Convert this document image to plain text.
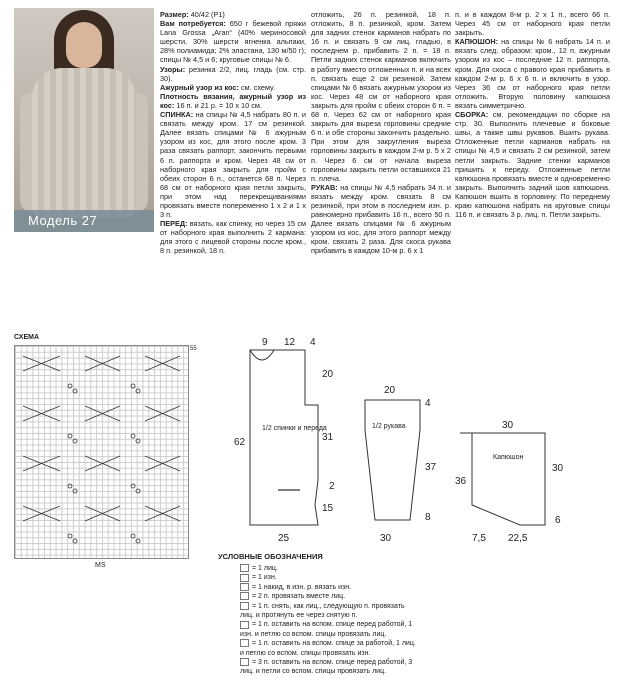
Модель 27

Размер: 40/42 (Р1)

Вам потребуется: 650 г бежевой пряжи Lana Grossa „Aran“ (40% мериносовой шерсти, 30% шерсти ягненка альпаки, 28% полиамида; 2% эластана, 130 м/50 г); спицы № 4,5 и 6; круговые спицы № 6.

Узоры: резинка 2/2, лиц. гладь (см. стр. 30).

Ажурный узор из кос: см. схему.

Плотность вязания, ажурный узор из кос: 16 п. и 21 р. = 10 х 10 см.

СПИНКА: на спицы № 4,5 набрать 80 п. и связать между кром. 17 см резинкой. Далее вязать спицами № 6 ажурным узором из кос, для этого после кром. 3 раза связать раппорт, закончить первыми 6 п. раппорта и кром. Через 48 см от наборного края закрыть для пройм с обеих сторон 6 п., останется 68 п. Через 68 см от наборного края петли закрыть, при этом над перекрещиваниями провязать вместе попеременно 1 х 2 и 1 х 3 п.

ПЕРЕД: вязать, как спинку, но через 15 см от наборного края выполнить 2 кармана: для этого с лицевой стороны после кром., 8 п. резинкой, 18 п.

отложить, 26 п. резинкой, 18 п. отложить, 8 п. резинкой, кром. Затем для задних стенок карманов набрать по 16 п. и связать 9 см лиц. гладью, в последнем р. прибавить 2 п. = 18 п. Петли задних стенок карманов включить в работу вместо отложенных п. и на всех п. связать еще 2 см резинкой. Затем спицами № 6 вязать ажурным узором из кос. Через 48 см от наборного края закрыть для пройм с обеих сторон 6 п. = 68 п. Через 62 см от наборного края закрыть для выреза горловины средние 6 п. и обе стороны закончить раздельно. При этом для закругления выреза горловины закрыть в каждом 2-м р. 5 х 2 п. Через 6 см от начала выреза горловины закрыть петли оставшихся 21 п. плеча.

РУКАВ: на спицы № 4,5 набрать 34 п. и вязать между кром. связать 8 см резинкой, при этом в последнем изн. р. равномерно прибавить 16 п., всего 50 п. Далее вязать спицами № 6 ажурным узором из кос, для этого раппорт между кром. связать 2 раза. Для скоса рукава прибавить в каждом 10-м р. 6 х 1

п. и в каждом 8-м р. 2 х 1 п., всего 66 п. Через 45 см от наборного края петли закрыть.

КАПЮШОН: на спицы № 6 набрать 14 п. и вязать след. образом: кром., 12 п. ажурным узором из кос – последние 12 п. раппорта, кром. Для скоса с правого края прибавить в каждом 2-м р. 6 х 6 п. и включить в узор. Через 36 см от наборного края петли отложить. Вторую половину капюшона вязать симметрично.

СБОРКА: см. рекомендации по сборке на стр. 30. Выполнить плечевые и боковые швы, а также швы рукавов. Вшить рукава. Отложенные петли карманов набрать на спицы № 4,5 и связать 2 см резинкой, затем петли закрыть. Задние стенки карманов пришить к переду. Отложенные петли капюшона провязать вместе и одновременно закрыть. Выполнить задний шов капюшона. Капюшон вшить в горловину. По переднему краю капюшона набрать на круговые спицы 116 п. и связать 3 р. лиц. п. Петли закрыть.

СХЕМА
55
MS
9 12 4
20
31
2
15
62
25
1/2 спинки и переда
20
4
37
8
30
1/2 рукава	30
36
30
7,5 22,5
6
Капюшон
УСЛОВНЫЕ ОБОЗНАЧЕНИЯ
= 1 лиц.
= 1 изн.
= 1 накид, в изн. р. вязать изн.
= 2 п. провязать вместе лиц.
= 1 п. снять, как лиц., следующую п. провязать лиц. и протянуть ее через снятую п.
= 1 п. оставить на вспом. спице перед работой, 1 изн. и петлю со вспом. спицы провязать лиц.
= 1 п. оставить на вспом. спице за работой, 1 лиц. и петлю со вспом. спицы провязать изн.
= 3 п. оставить на вспом. спице перед работой, 3 лиц. и петли со вспом. спицы провязать лиц.
